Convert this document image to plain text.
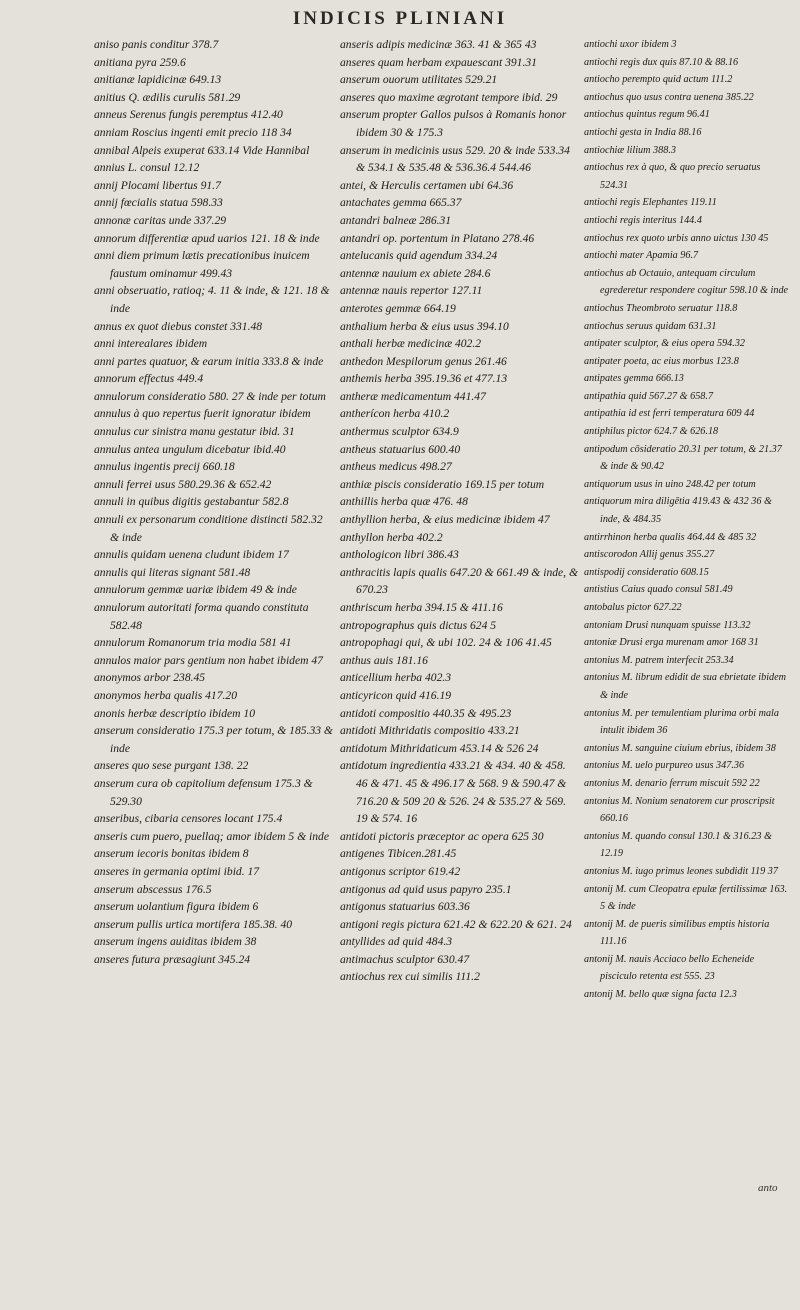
INDICIS PLINIANI

aniso panis conditur 378.7

anitiana pyra 259.6

anitianæ lapidicinæ 649.13

anitius Q. ædilis curulis 581.29

anneus Serenus fungis peremptus 412.40

anniam Roscius ingenti emit precio 118 34

annibal Alpeis exuperat 633.14 Vide Hannibal

annius L. consul 12.12

annij Plocami libertus 91.7

annij fœcialis statua 598.33

annonæ caritas unde 337.29

annorum differentiæ apud uarios 121. 18 & inde

anni diem primum lætis precationibus inuicem faustum ominamur 499.43

anni obseruatio, ratioq; 4. 11 & inde, & 121. 18 & inde

annus ex quot diebus constet 331.48

anni interealares ibidem

anni partes quatuor, & earum initia 333.8 & inde

annorum effectus 449.4

annulorum consideratio 580. 27 & inde per totum

annulus à quo repertus fuerit ignoratur ibidem

annulus cur sinistra manu gestatur ibid. 31

annulus antea ungulum dicebatur ibid.40

annulus ingentis precij 660.18

annuli ferrei usus 580.29.36 & 652.42

annuli in quibus digitis gestabantur 582.8

annuli ex personarum conditione distincti 582.32 & inde

annulis quidam uenena cludunt ibidem 17

annulis qui literas signant 581.48

annulorum gemmæ uariæ ibidem 49 & inde

annulorum autoritati forma quando constituta 582.48

annulorum Romanorum tria modia 581 41

annulos maior pars gentium non habet ibidem 47

anonymos arbor 238.45

anonymos herba qualis 417.20

anonis herbæ descriptio ibidem 10

anserum consideratio 175.3 per totum, & 185.33 & inde

anseres quo sese purgant 138. 22

anserum cura ob capitolium defensum 175.3 & 529.30

anseribus, cibaria censores locant 175.4

anseris cum puero, puellaq; amor ibidem 5 & inde

anserum iecoris bonitas ibidem 8

anseres in germania optimi ibid. 17

anserum abscessus 176.5

anserum uolantium figura ibidem 6

anserum pullis urtica mortifera 185.38. 40

anserum ingens auiditas ibidem 38

anseres futura præsagiunt 345.24

anseris adipis medicinæ 363. 41 & 365 43

anseres quam herbam expauescant 391.31

anserum ouorum utilitates 529.21

anseres quo maxime ægrotant tempore ibid. 29

anserum propter Gallos pulsos à Romanis honor ibidem 30 & 175.3

anserum in medicinis usus 529. 20 & inde 533.34 & 534.1 & 535.48 & 536.36.4 544.46

antei, & Herculis certamen ubi 64.36

antachates gemma 665.37

antandri balneæ 286.31

antandri op. portentum in Platano 278.46

antelucanis quid agendum 334.24

antennæ nauium ex abiete 284.6

antennæ nauis repertor 127.11

anterotes gemmæ 664.19

anthalium herba & eius usus 394.10

anthali herbæ medicinæ 402.2

anthedon Mespilorum genus 261.46

anthemis herba 395.19.36 et 477.13

antheræ medicamentum 441.47

antherícon herba 410.2

anthermus sculptor 634.9

antheus statuarius 600.40

antheus medicus 498.27

anthiæ piscis consideratio 169.15 per totum

anthillis herba quæ 476. 48

anthyllion herba, & eius medicinæ ibidem 47

anthyllon herba 402.2

anthologicon libri 386.43

anthracitis lapis qualis 647.20 & 661.49 & inde, & 670.23

anthriscum herba 394.15 & 411.16

antropographus quis dictus 624 5

antropophagi qui, & ubi 102. 24 & 106 41.45

anthus auis 181.16

anticellium herba 402.3

anticyricon quid 416.19

antidoti compositio 440.35 & 495.23

antidoti Mithridatis compositio 433.21

antidotum Mithridaticum 453.14 & 526 24

antidotum ingredientia 433.21 & 434. 40 & 458. 46 & 471. 45 & 496.17 & 568. 9 & 590.47 & 716.20 & 509 20 & 526. 24 & 535.27 & 569. 19 & 574. 16

antidoti pictoris præceptor ac opera 625 30

antigenes Tibicen.281.45

antigonus scriptor 619.42

antigonus ad quid usus papyro 235.1

antigonus statuarius 603.36

antigoni regis pictura 621.42 & 622.20 & 621. 24

antyllides ad quid 484.3

antimachus sculptor 630.47

antiochus rex cui similis 111.2

antiochi uxor ibidem 3

antiochi regis dux quis 87.10 & 88.16

antiocho perempto quid actum 111.2

antiochus quo usus contra uenena 385.22

antiochus quintus regum 96.41

antiochi gesta in India 88.16

antiochiæ lilium 388.3

antiochus rex à quo, & quo precio seruatus 524.31

antiochi regis Elephantes 119.11

antiochi regis interitus 144.4

antiochus rex quoto urbis anno uictus 130 45

antiochi mater Apamia 96.7

antiochus ab Octauio, antequam circulum egrederetur respondere cogitur 598.10 & inde

antiochus Theombroto seruatur 118.8

antiochus seruus quidam 631.31

antipater sculptor, & eius opera 594.32

antipater poeta, ac eius morbus 123.8

antipates gemma 666.13

antipathia quid 567.27 & 658.7

antipathia id est ferri temperatura 609 44

antiphilus pictor 624.7 & 626.18

antipodum cōsideratio 20.31 per totum, & 21.37 & inde & 90.42

antiquorum usus in uino 248.42 per totum

antiquorum mira diligētia 419.43 & 432 36 & inde, & 484.35

antirrhinon herba qualis 464.44 & 485 32

antiscorodon Allij genus 355.27

antispodij consideratio 608.15

antistius Caius quado consul 581.49

antobalus pictor 627.22

antoniam Drusi nunquam spuisse 113.32

antoniæ Drusi erga murenam amor 168 31

antonius M. patrem interfecit 253.34

antonius M. librum edidit de sua ebrietate ibidem & inde

antonius M. per temulentiam plurima orbi mala intulit ibidem 36

antonius M. sanguine ciuium ebrius, ibidem 38

antonius M. uelo purpureo usus 347.36

antonius M. denario ferrum miscuit 592 22

antonius M. Nonium senatorem cur proscripsit 660.16

antonius M. quando consul 130.1 & 316.23 & 12.19

antonius M. iugo primus leones subdidit 119 37

antonij M. cum Cleopatra epulæ fertilissimæ 163. 5 & inde

antonij M. de pueris similibus emptis historia 111.16

antonij M. nauis Acciaco bello Echeneide pisciculo retenta est 555. 23

antonij M. bello quæ signa facta 12.3

anto
